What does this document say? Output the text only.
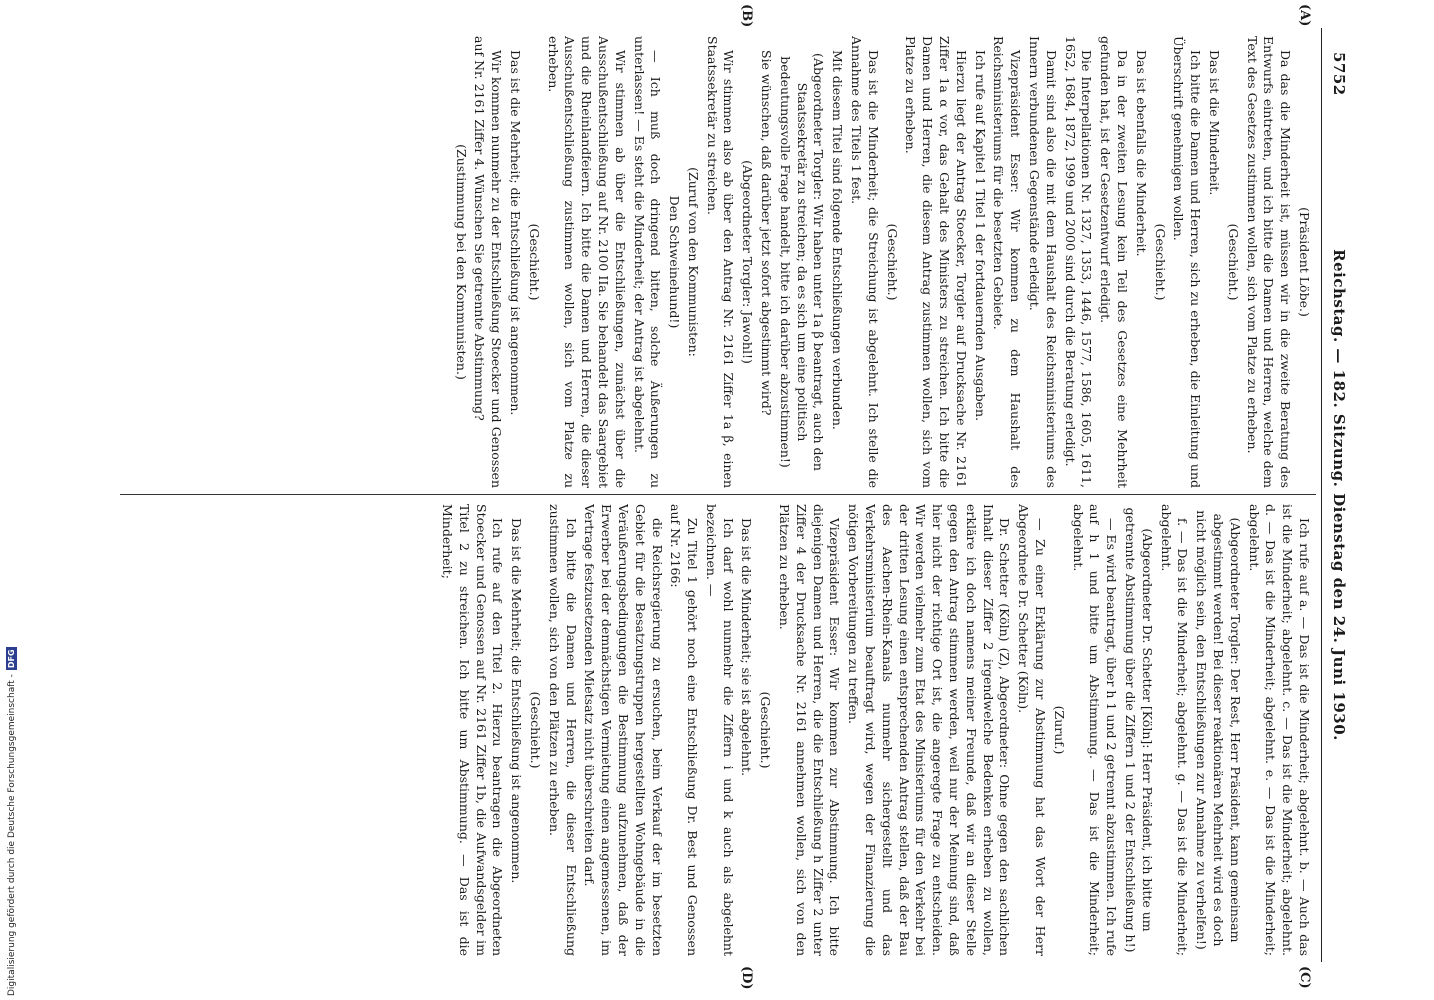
5752
Reichstag. — 182. Sitzung. Dienstag den 24. Juni 1930.

(Präsident Löbe.)

Da das die Minderheit ist, müssen wir in die zweite Beratung des Entwurfs eintreten, und ich bitte die Damen und Herren, welche dem Text des Gesetzes zustimmen wollen, sich vom Platze zu erheben.

(Geschieht.)

Das ist die Minderheit.

Ich bitte die Damen und Herren, sich zu erheben, die Einleitung und Überschrift genehmigen wollen.

(Geschieht.)

Das ist ebenfalls die Minderheit.

Da in der zweiten Lesung kein Teil des Gesetzes eine Mehrheit gefunden hat, ist der Gesetzentwurf erledigt.

Die Interpellationen Nr. 1327, 1353, 1446, 1577, 1586, 1605, 1611, 1652, 1684, 1872, 1999 und 2000 sind durch die Beratung erledigt.

Damit sind also die mit dem Haushalt des Reichsministeriums des Innern verbundenen Gegenstände erledigt.

Vizepräsident Esser: Wir kommen zu dem Haushalt des Reichsministeriums für die besetzten Gebiete.

Ich rufe auf Kapitel 1 Titel 1 der fortdauernden Ausgaben.

Hierzu liegt der Antrag Stoecker, Torgler auf Drucksache Nr. 2161 Ziffer 1a α vor, das Gehalt des Ministers zu streichen. Ich bitte die Damen und Herren, die diesem Antrag zustimmen wollen, sich vom Platze zu erheben.

(Geschieht.)

Das ist die Minderheit; die Streichung ist abgelehnt. Ich stelle die Annahme des Titels 1 fest.

Mit diesem Titel sind folgende Entschließungen verbunden.

(Abgeordneter Torgler: Wir haben unter 1a β beantragt, auch den Staatssekretär zu streichen; da es sich um eine politisch bedeutungsvolle Frage handelt, bitte ich darüber abzustimmen!)

Sie wünschen, daß darüber jetzt sofort abgestimmt wird?

(Abgeordneter Torgler: Jawohl!)

Wir stimmen also ab über den Antrag Nr. 2161 Ziffer 1a β, einen Staatssekretär zu streichen.

(Zuruf von den Kommunisten:

Den Schweinehund!)

— Ich muß doch dringend bitten, solche Äußerungen zu unterlassen! — Es steht die Minderheit; der Antrag ist abgelehnt.

Wir stimmen ab über die Entschließungen, zunächst über die Ausschußentschließung auf Nr. 2100 IIa. Sie behandelt das Saargebiet und die Rheinlandfeiern. Ich bitte die Damen und Herren, die dieser Ausschußentschließung zustimmen wollen, sich vom Platze zu erheben.

(Geschieht.)

Das ist die Mehrheit; die Entschließung ist angenommen.

Wir kommen nunmehr zu der Entschließung Stoecker und Genossen auf Nr. 2161 Ziffer 4. Wünschen Sie getrennte Abstimmung?

(Zustimmung bei den Kommunisten.)

Ich rufe auf a. — Das ist die Minderheit; abgelehnt. b. — Auch das ist die Minderheit; abgelehnt. c. — Das ist die Minderheit; abgelehnt. d. — Das ist die Minderheit; abgelehnt. e. — Das ist die Minderheit; abgelehnt.

(Abgeordneter Torgler: Der Rest, Herr Präsident, kann gemeinsam abgestimmt werden! Bei dieser reaktionären Mehrheit wird es doch nicht möglich sein, den Entschließungen zur Annahme zu verhelfen!)

f. — Das ist die Minderheit; abgelehnt. g. — Das ist die Minderheit; abgelehnt.

(Abgeordneter Dr. Schetter [Köln]: Herr Präsident, ich bitte um getrennte Abstimmung über die Ziffern 1 und 2 der Entschließung h!)

— Es wird beantragt, über h 1 und 2 getrennt abzustimmen. Ich rufe auf h 1 und bitte um Abstimmung. — Das ist die Minderheit; abgelehnt.

(Zuruf.)

— Zu einer Erklärung zur Abstimmung hat das Wort der Herr Abgeordnete Dr. Schetter (Köln).

Dr. Schetter (Köln) (Z), Abgeordneter: Ohne gegen den sachlichen Inhalt dieser Ziffer 2 irgendwelche Bedenken erheben zu wollen, erkläre ich doch namens meiner Freunde, daß wir an dieser Stelle gegen den Antrag stimmen werden, weil nur der Meinung sind, daß hier nicht der richtige Ort ist, die angeregte Frage zu entscheiden. Wir werden vielmehr zum Etat des Ministeriums für den Verkehr bei der dritten Lesung einen entsprechenden Antrag stellen, daß der Bau des Aachen-Rhein-Kanals nunmehr sichergestellt und das Verkehrsministerium beauftragt wird, wegen der Finanzierung die nötigen Vorbereitungen zu treffen.

Vizepräsident Esser: Wir kommen zur Abstimmung. Ich bitte diejenigen Damen und Herren, die die Entschließung h Ziffer 2 unter Ziffer 4 der Drucksache Nr. 2161 annehmen wollen, sich von den Plätzen zu erheben.

(Geschieht.)

Das ist die Minderheit; sie ist abgelehnt.

Ich darf wohl nunmehr die Ziffern i und k auch als abgelehnt bezeichnen. —

Zu Titel 1 gehört noch eine Entschließung Dr. Best und Genossen auf Nr. 2166:

die Reichsregierung zu ersuchen, beim Verkauf der im besetzten Gebiet für die Besatzungstruppen hergestellten Wohngebäude in die Veräußerungsbedingungen die Bestimmung aufzunehmen, daß der Erwerber bei der demnächstigen Vermietung einen angemessenen, im Vertrage festzusetzenden Mietsatz nicht überschreiten darf.

Ich bitte die Damen und Herren, die dieser Entschließung zustimmen wollen, sich von den Plätzen zu erheben.

(Geschieht.)

Das ist die Mehrheit; die Entschließung ist angenommen.

Ich rufe auf den Titel 2. Hierzu beantragen die Abgeordneten Stoecker und Genossen auf Nr. 2161 Ziffer 1b, die Aufwandsgelder im Titel 2 zu streichen. Ich bitte um Abstimmung. — Das ist die Minderheit;

(A)
(B)
(C)
(D)
Digitalisierung gefördert durch die Deutsche Forschungsgemeinschaft -DFG
